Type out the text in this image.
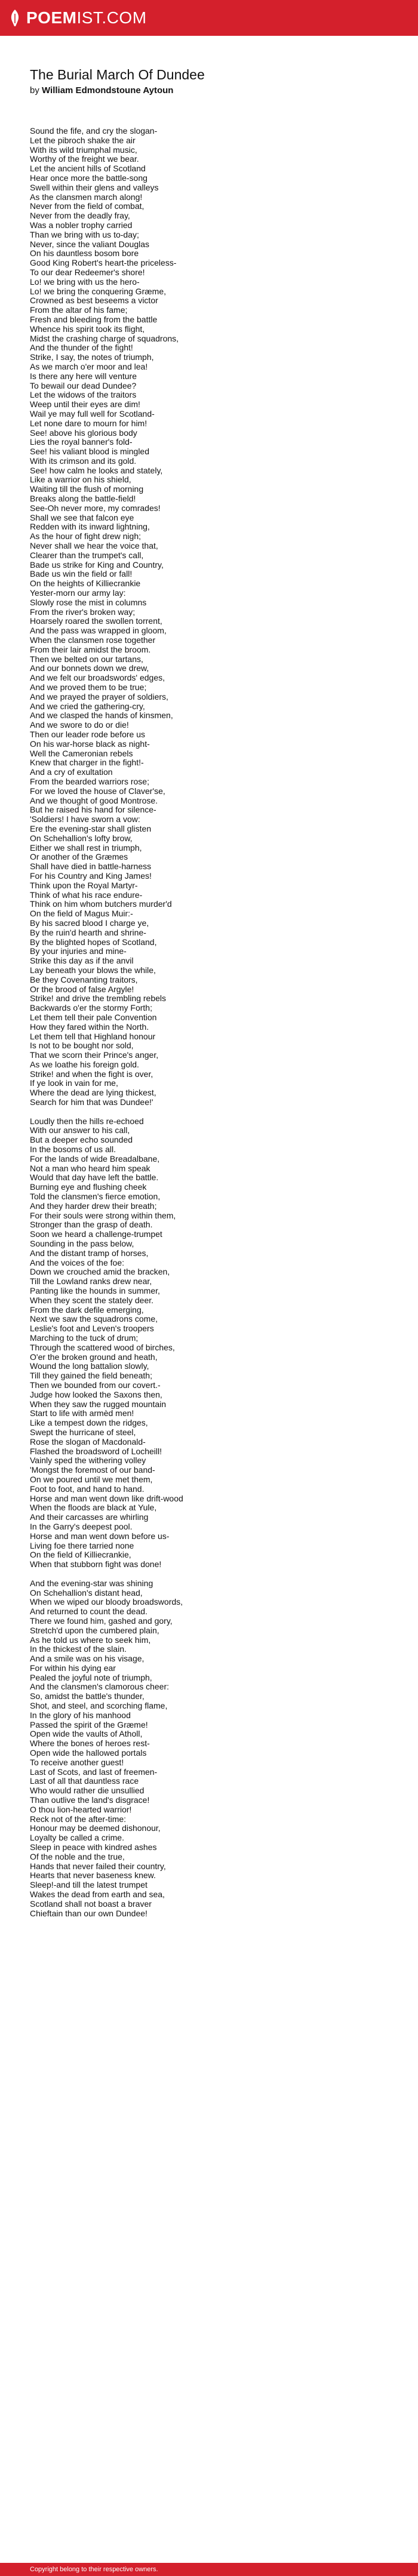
POEM IST.COM
The Burial March Of Dundee
by William Edmondstoune Aytoun
Sound the fife, and cry the slogan-
Let the pibroch shake the air
With its wild triumphal music,
Worthy of the freight we bear.
Let the ancient hills of Scotland
Hear once more the battle-song
Swell within their glens and valleys
As the clansmen march along!
Never from the field of combat,
Never from the deadly fray,
Was a nobler trophy carried
Than we bring with us to-day;
Never, since the valiant Douglas
On his dauntless bosom bore
Good King Robert's heart-the priceless-
To our dear Redeemer's shore!
Lo! we bring with us the hero-
Lo! we bring the conquering Græme,
Crowned as best beseems a victor
From the altar of his fame;
Fresh and bleeding from the battle
Whence his spirit took its flight,
Midst the crashing charge of squadrons,
And the thunder of the fight!
Strike, I say, the notes of triumph,
As we march o'er moor and lea!
Is there any here will venture
To bewail our dead Dundee?
Let the widows of the traitors
Weep until their eyes are dim!
Wail ye may full well for Scotland-
Let none dare to mourn for him!
See! above his glorious body
Lies the royal banner's fold-
See! his valiant blood is mingled
With its crimson and its gold.
See! how calm he looks and stately,
Like a warrior on his shield,
Waiting till the flush of morning
Breaks along the battle-field!
See-Oh never more, my comrades!
Shall we see that falcon eye
Redden with its inward lightning,
As the hour of fight drew nigh;
Never shall we hear the voice that,
Clearer than the trumpet's call,
Bade us strike for King and Country,
Bade us win the field or fall!
On the heights of Killiecrankie
Yester-morn our army lay:
Slowly rose the mist in columns
From the river's broken way;
Hoarsely roared the swollen torrent,
And the pass was wrapped in gloom,
When the clansmen rose together
From their lair amidst the broom.
Then we belted on our tartans,
And our bonnets down we drew,
And we felt our broadswords' edges,
And we proved them to be true;
And we prayed the prayer of soldiers,
And we cried the gathering-cry,
And we clasped the hands of kinsmen,
And we swore to do or die!
Then our leader rode before us
On his war-horse black as night-
Well the Cameronian rebels
Knew that charger in the fight!-
And a cry of exultation
From the bearded warriors rose;
For we loved the house of Claver'se,
And we thought of good Montrose.
But he raised his hand for silence-
'Soldiers! I have sworn a vow:
Ere the evening-star shall glisten
On Schehallion's lofty brow,
Either we shall rest in triumph,
Or another of the Græmes
Shall have died in battle-harness
For his Country and King James!
Think upon the Royal Martyr-
Think of what his race endure-
Think on him whom butchers murder'd
On the field of Magus Muir:-
By his sacred blood I charge ye,
By the ruin'd hearth and shrine-
By the blighted hopes of Scotland,
By your injuries and mine-
Strike this day as if the anvil
Lay beneath your blows the while,
Be they Covenanting traitors,
Or the brood of false Argyle!
Strike! and drive the trembling rebels
Backwards o'er the stormy Forth;
Let them tell their pale Convention
How they fared within the North.
Let them tell that Highland honour
Is not to be bought nor sold,
That we scorn their Prince's anger,
As we loathe his foreign gold.
Strike! and when the fight is over,
If ye look in vain for me,
Where the dead are lying thickest,
Search for him that was Dundee!'
Loudly then the hills re-echoed
With our answer to his call,
But a deeper echo sounded
In the bosoms of us all.
For the lands of wide Breadalbane,
Not a man who heard him speak
Would that day have left the battle.
Burning eye and flushing cheek
Told the clansmen's fierce emotion,
And they harder drew their breath;
For their souls were strong within them,
Stronger than the grasp of death.
Soon we heard a challenge-trumpet
Sounding in the pass below,
And the distant tramp of horses,
And the voices of the foe:
Down we crouched amid the bracken,
Till the Lowland ranks drew near,
Panting like the hounds in summer,
When they scent the stately deer.
From the dark defile emerging,
Next we saw the squadrons come,
Leslie's foot and Leven's troopers
Marching to the tuck of drum;
Through the scattered wood of birches,
O'er the broken ground and heath,
Wound the long battalion slowly,
Till they gained the field beneath;
Then we bounded from our covert.-
Judge how looked the Saxons then,
When they saw the rugged mountain
Start to life with armèd men!
Like a tempest down the ridges,
Swept the hurricane of steel,
Rose the slogan of Macdonald-
Flashed the broadsword of Locheill!
Vainly sped the withering volley
'Mongst the foremost of our band-
On we poured until we met them,
Foot to foot, and hand to hand.
Horse and man went down like drift-wood
When the floods are black at Yule,
And their carcasses are whirling
In the Garry's deepest pool.
Horse and man went down before us-
Living foe there tarried none
On the field of Killiecrankie,
When that stubborn fight was done!
And the evening-star was shining
On Schehallion's distant head,
When we wiped our bloody broadswords,
And returned to count the dead.
There we found him, gashed and gory,
Stretch'd upon the cumbered plain,
As he told us where to seek him,
In the thickest of the slain.
And a smile was on his visage,
For within his dying ear
Pealed the joyful note of triumph,
And the clansmen's clamorous cheer:
So, amidst the battle's thunder,
Shot, and steel, and scorching flame,
In the glory of his manhood
Passed the spirit of the Græme!
Open wide the vaults of Atholl,
Where the bones of heroes rest-
Open wide the hallowed portals
To receive another guest!
Last of Scots, and last of freemen-
Last of all that dauntless race
Who would rather die unsullied
Than outlive the land's disgrace!
O thou lion-hearted warrior!
Reck not of the after-time:
Honour may be deemed dishonour,
Loyalty be called a crime.
Sleep in peace with kindred ashes
Of the noble and the true,
Hands that never failed their country,
Hearts that never baseness knew.
Sleep!-and till the latest trumpet
Wakes the dead from earth and sea,
Scotland shall not boast a braver
Chieftain than our own Dundee!
Copyright belong to their respective owners.
